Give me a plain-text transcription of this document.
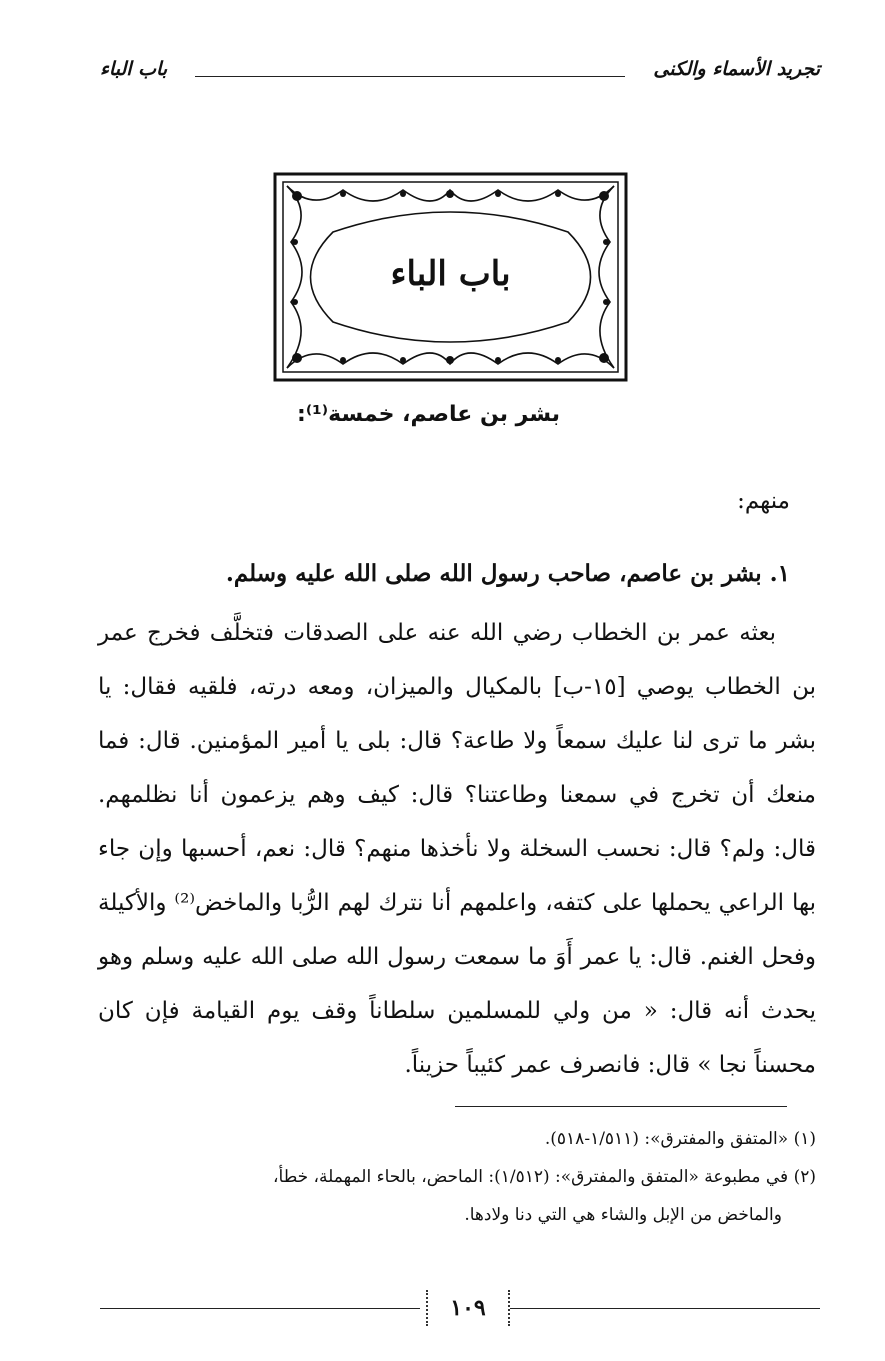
تجريد الأسماء والكنى
باب الباء
باب الباء
بشر بن عاصم، خمسة⁽¹⁾:
منهم:
١. بشر بن عاصم، صاحب رسول الله صلى الله عليه وسلم.

بعثه عمر بن الخطاب رضي الله عنه على الصدقات فتخلَّف فخرج عمر بن الخطاب يوصي [١٥-ب] بالمكيال والميزان، ومعه درته، فلقيه فقال: يا بشر ما ترى لنا عليك سمعاً ولا طاعة؟ قال: بلى يا أمير المؤمنين. قال: فما منعك أن تخرج في سمعنا وطاعتنا؟ قال: كيف وهم يزعمون أنا نظلمهم. قال: ولم؟ قال: نحسب السخلة ولا نأخذها منهم؟ قال: نعم، أحسبها وإن جاء بها الراعي يحملها على كتفه، واعلمهم أنا نترك لهم الرُّبا والماخض⁽²⁾ والأكيلة وفحل الغنم. قال: يا عمر أَوَ ما سمعت رسول الله صلى الله عليه وسلم وهو يحدث أنه قال: « من ولي للمسلمين سلطاناً وقف يوم القيامة فإن كان محسناً نجا » قال: فانصرف عمر كئيباً حزيناً.

(١) «المتفق والمفترق»: (١/٥١١-٥١٨).

(٢) في مطبوعة «المتفق والمفترق»: (١/٥١٢): الماحض، بالحاء المهملة، خطأ،

والماخض من الإبل والشاء هي التي دنا ولادها.

١٠٩
